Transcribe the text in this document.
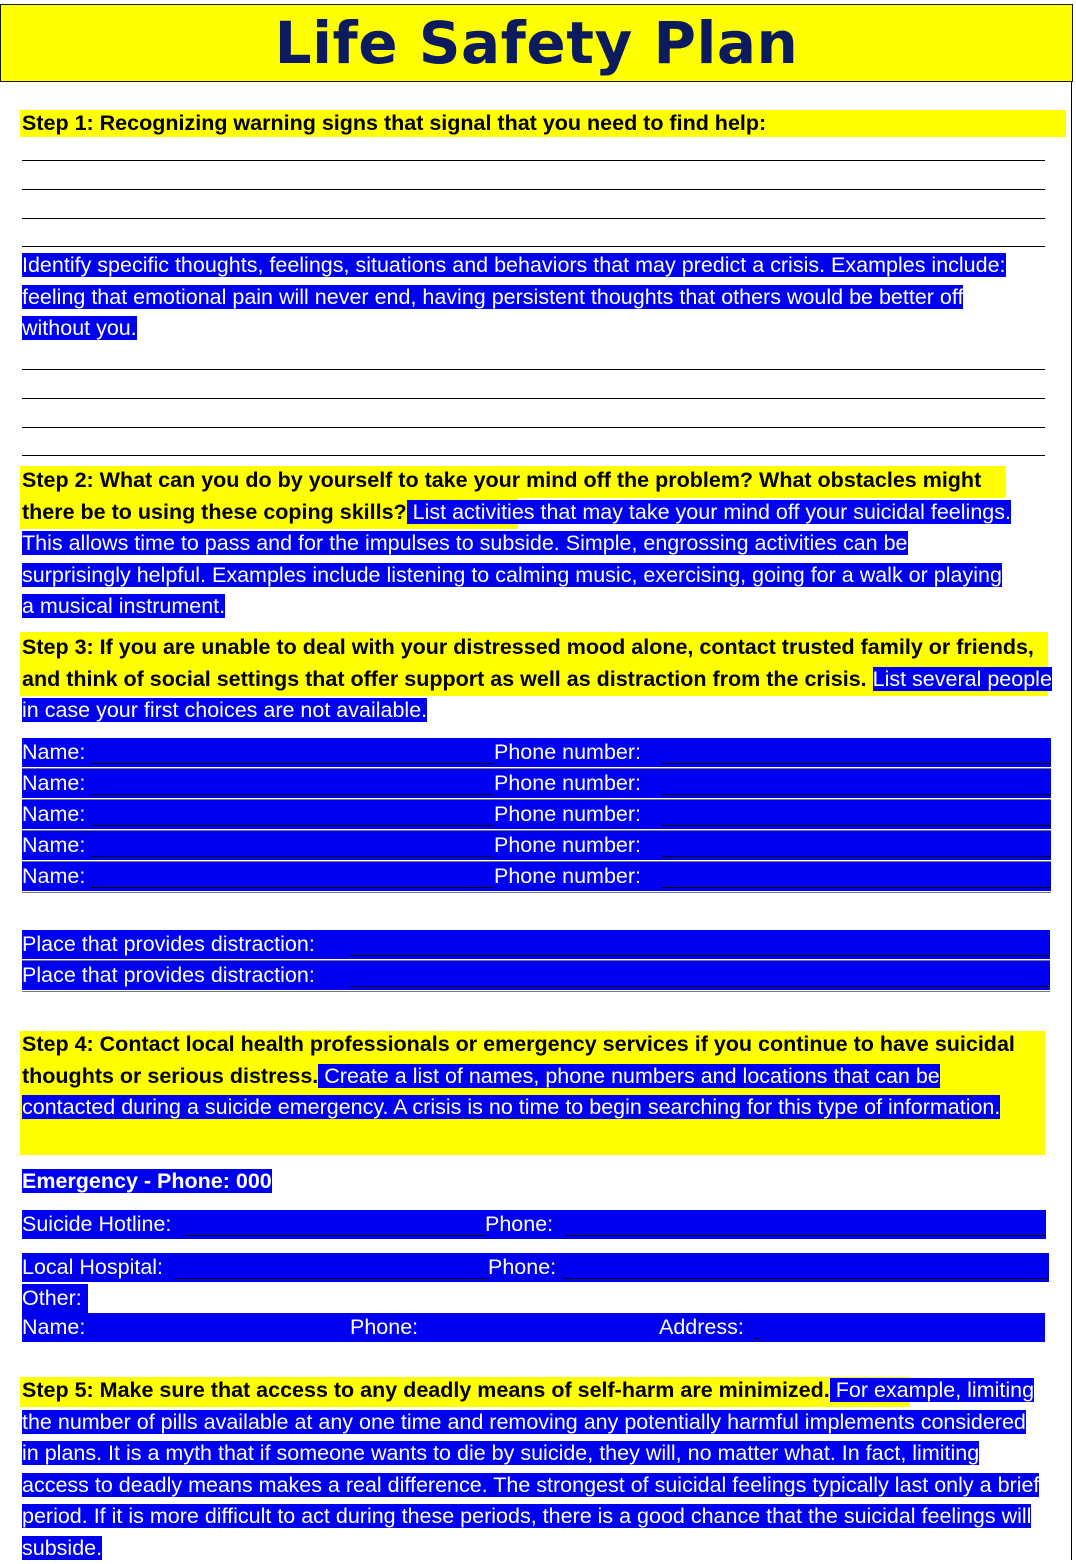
Life Safety Plan

Step 1: Recognizing warning signs that signal that you need to find help:

Identify specific thoughts, feelings, situations and behaviors that may predict a crisis. Examples include: feeling that emotional pain will never end, having persistent thoughts that others would be better off without you.

Step 2: What can you do by yourself to take your mind off the problem? What obstacles might there be to using these coping skills? List activities that may take your mind off your suicidal feelings. This allows time to pass and for the impulses to subside. Simple, engrossing activities can be surprisingly helpful. Examples include listening to calming music, exercising, going for a walk or playing a musical instrument.

Step 3: If you are unable to deal with your distressed mood alone, contact trusted family or friends, and think of social settings that offer support as well as distraction from the crisis. List several people in case your first choices are not available.

Name:	Phone number:
Name:	Phone number:
Name:	Phone number:
Name:	Phone number:
Name:	Phone number:
Place that provides distraction:
Place that provides distraction:

Step 4: Contact local health professionals or emergency services if you continue to have suicidal thoughts or serious distress. Create a list of names, phone numbers and locations that can be contacted during a suicide emergency. A crisis is no time to begin searching for this type of information.

Emergency - Phone: 000

Suicide Hotline:	Phone:
Local Hospital:	Phone:
Other:
Name:	Phone:	Address:

Step 5: Make sure that access to any deadly means of self-harm are minimized. For example, limiting the number of pills available at any one time and removing any potentially harmful implements considered in plans. It is a myth that if someone wants to die by suicide, they will, no matter what. In fact, limiting access to deadly means makes a real difference. The strongest of suicidal feelings typically last only a brief period. If it is more difficult to act during these periods, there is a good chance that the suicidal feelings will subside.
